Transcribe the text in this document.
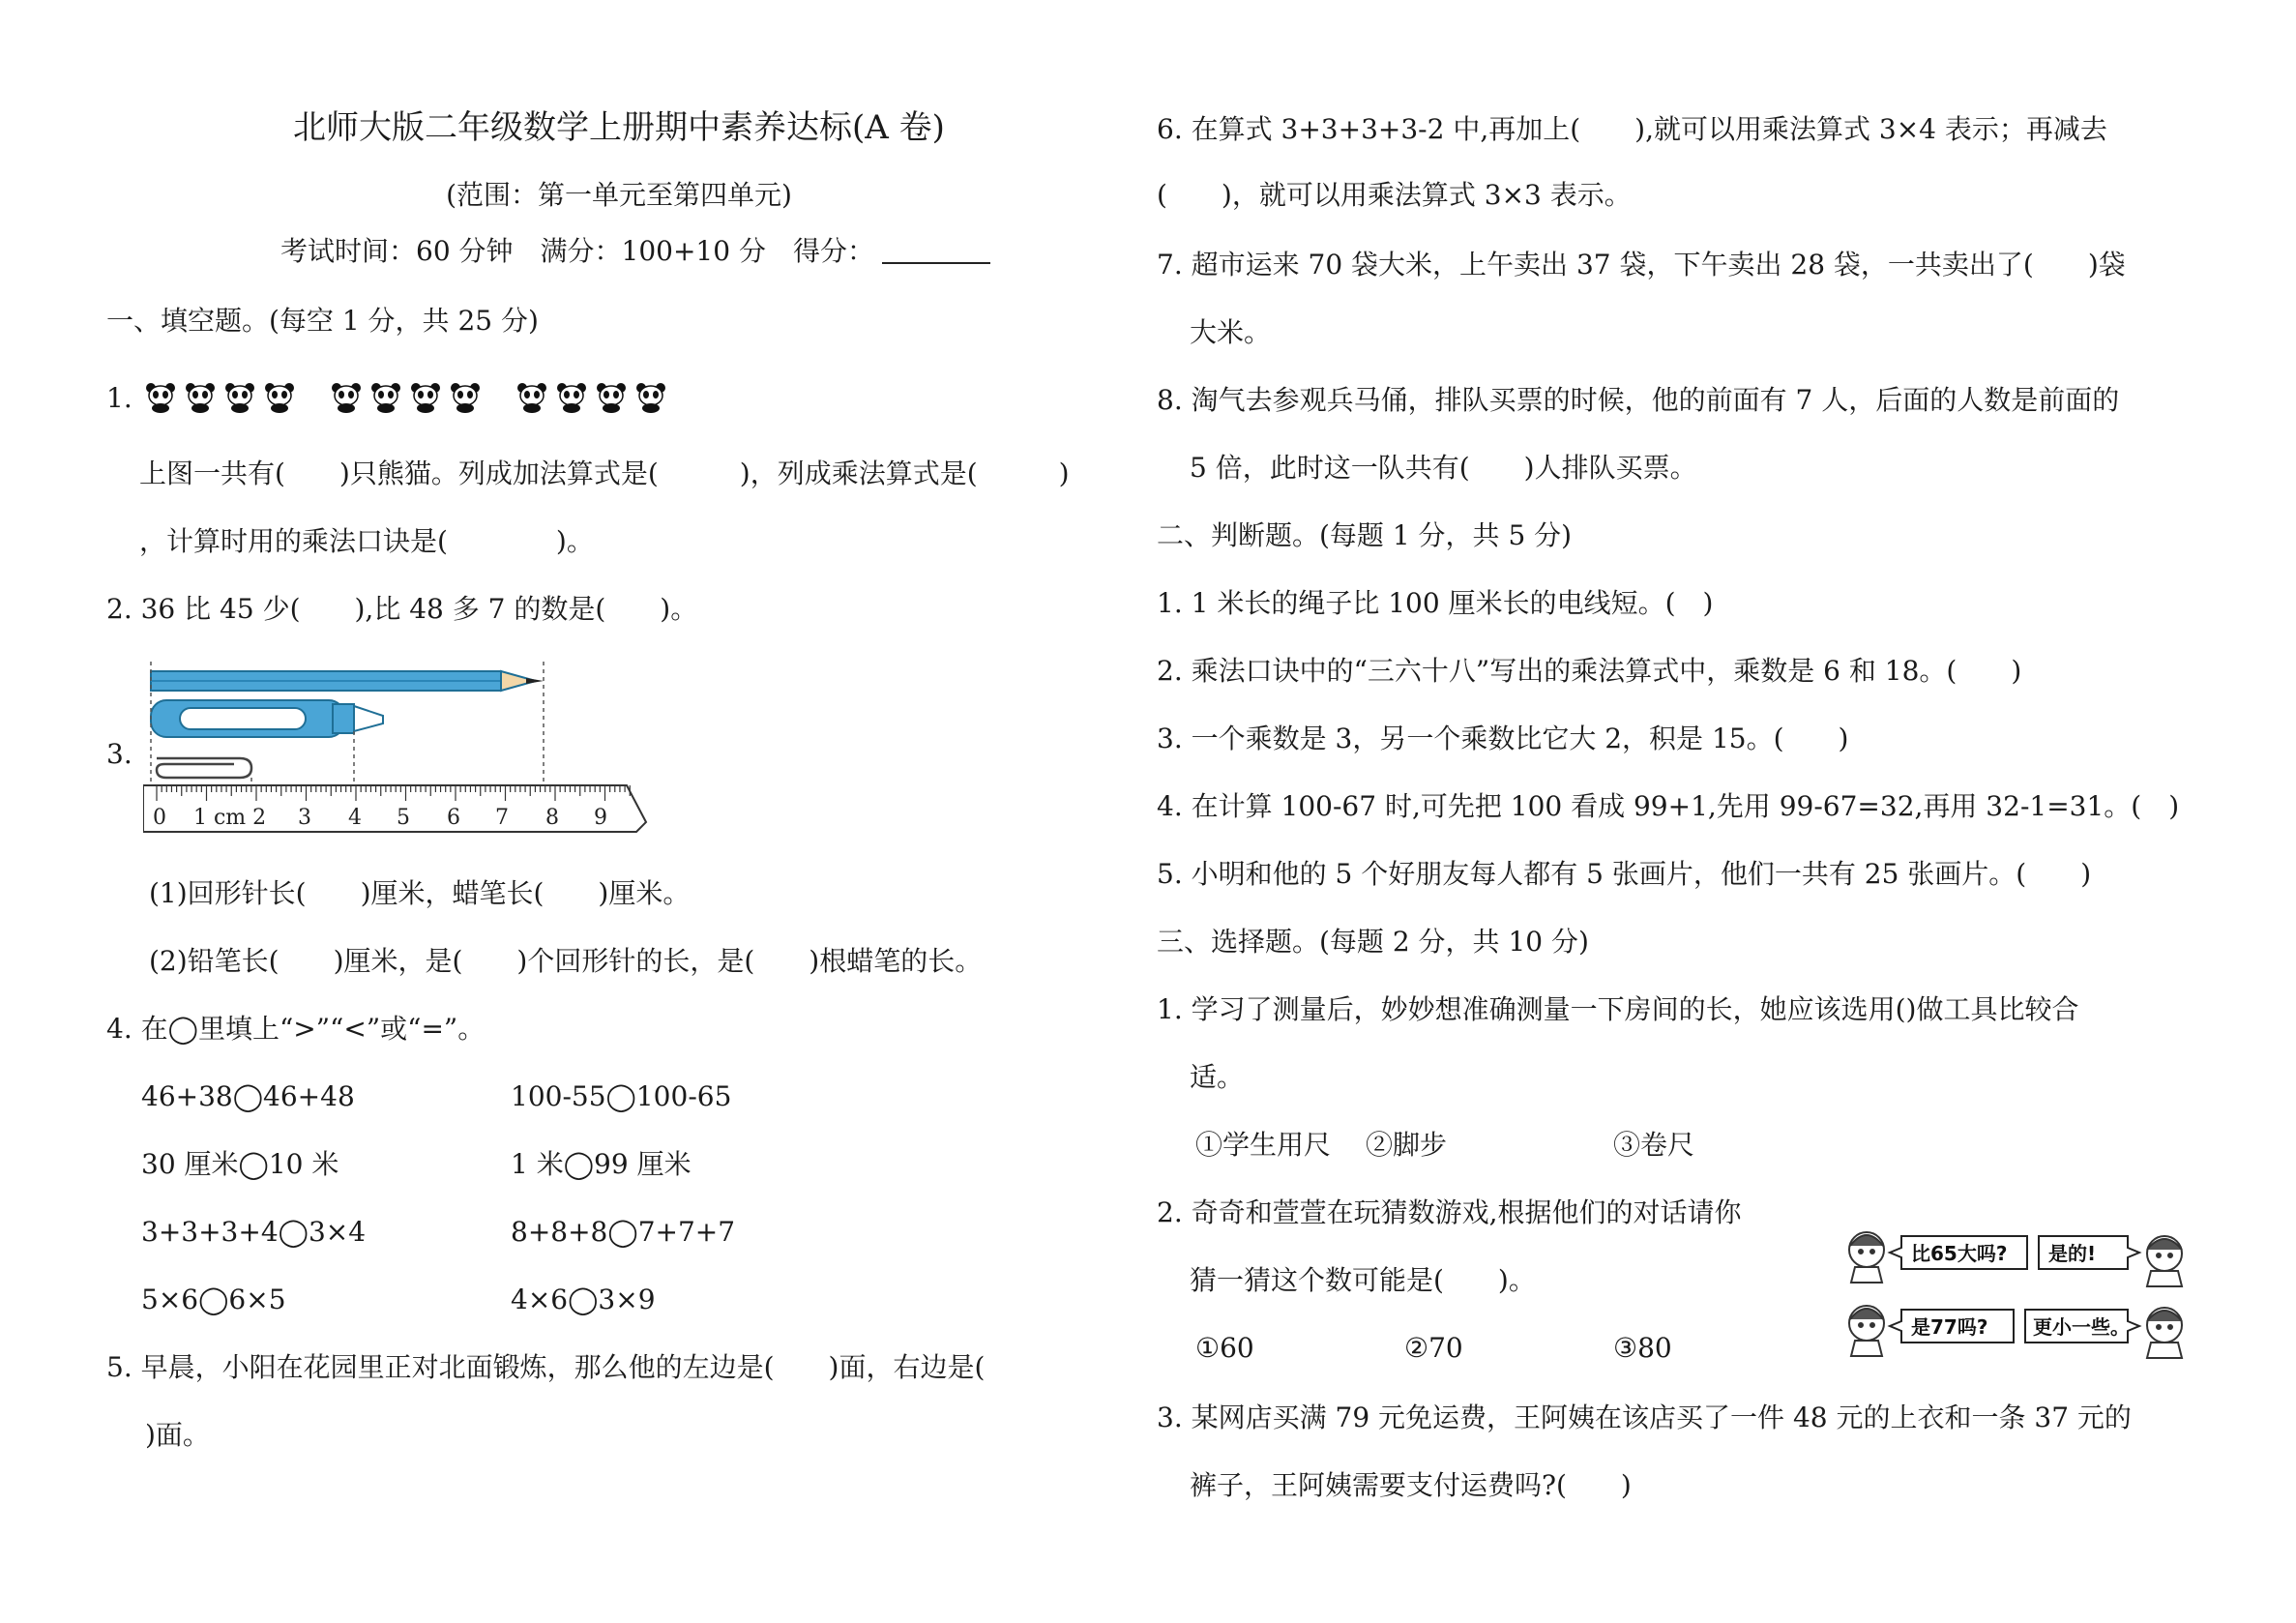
北师大版二年级数学上册期中素养达标(A 卷)
(范围：第一单元至第四单元)
考试时间：60 分钟　满分：100+10 分　得分：
一、填空题。(每空 1 分，共 25 分)
1.
上图一共有(　　)只熊猫。列成加法算式是(　　　)，列成乘法算式是(　　　)
，计算时用的乘法口诀是(　　　　)。
2. 36 比 45 少(　　),比 48 多 7 的数是(　　)。
3.
0 1 cm 2 3 4 5 6 7 8 9
(1)回形针长(　　)厘米，蜡笔长(　　)厘米。
(2)铅笔长(　　)厘米，是(　　)个回形针的长，是(　　)根蜡笔的长。
4. 在◯里填上“>”“<”或“=”。
46+38◯46+48	100-55◯100-65
30 厘米◯10 米	1 米◯99 厘米
3+3+3+4◯3×4	8+8+8◯7+7+7
5×6◯6×5	4×6◯3×9
5. 早晨，小阳在花园里正对北面锻炼，那么他的左边是(　　)面，右边是(
)面。
6. 在算式 3+3+3+3-2 中,再加上(　　),就可以用乘法算式 3×4 表示；再减去
(　　)，就可以用乘法算式 3×3 表示。
7. 超市运来 70 袋大米，上午卖出 37 袋，下午卖出 28 袋，一共卖出了(　　)袋
大米。
8. 淘气去参观兵马俑，排队买票的时候，他的前面有 7 人，后面的人数是前面的
5 倍，此时这一队共有(　　)人排队买票。
二、判断题。(每题 1 分，共 5 分)
1. 1 米长的绳子比 100 厘米长的电线短。(　)
2. 乘法口诀中的“三六十八”写出的乘法算式中，乘数是 6 和 18。(　　)
3. 一个乘数是 3，另一个乘数比它大 2，积是 15。(　　)
4. 在计算 100-67 时,可先把 100 看成 99+1,先用 99-67=32,再用 32-1=31。(　)
5. 小明和他的 5 个好朋友每人都有 5 张画片，他们一共有 25 张画片。(　　)
三、选择题。(每题 2 分，共 10 分)
1. 学习了测量后，妙妙想准确测量一下房间的长，她应该选用()做工具比较合
适。
①学生用尺 ②脚步	③卷尺
2. 奇奇和萱萱在玩猜数游戏,根据他们的对话请你
猜一猜这个数可能是(　　)。
①60	②70	③80
比65大吗? 是的!
是77吗? 更小一些。
3. 某网店买满 79 元免运费，王阿姨在该店买了一件 48 元的上衣和一条 37 元的
裤子，王阿姨需要支付运费吗?(　　)
